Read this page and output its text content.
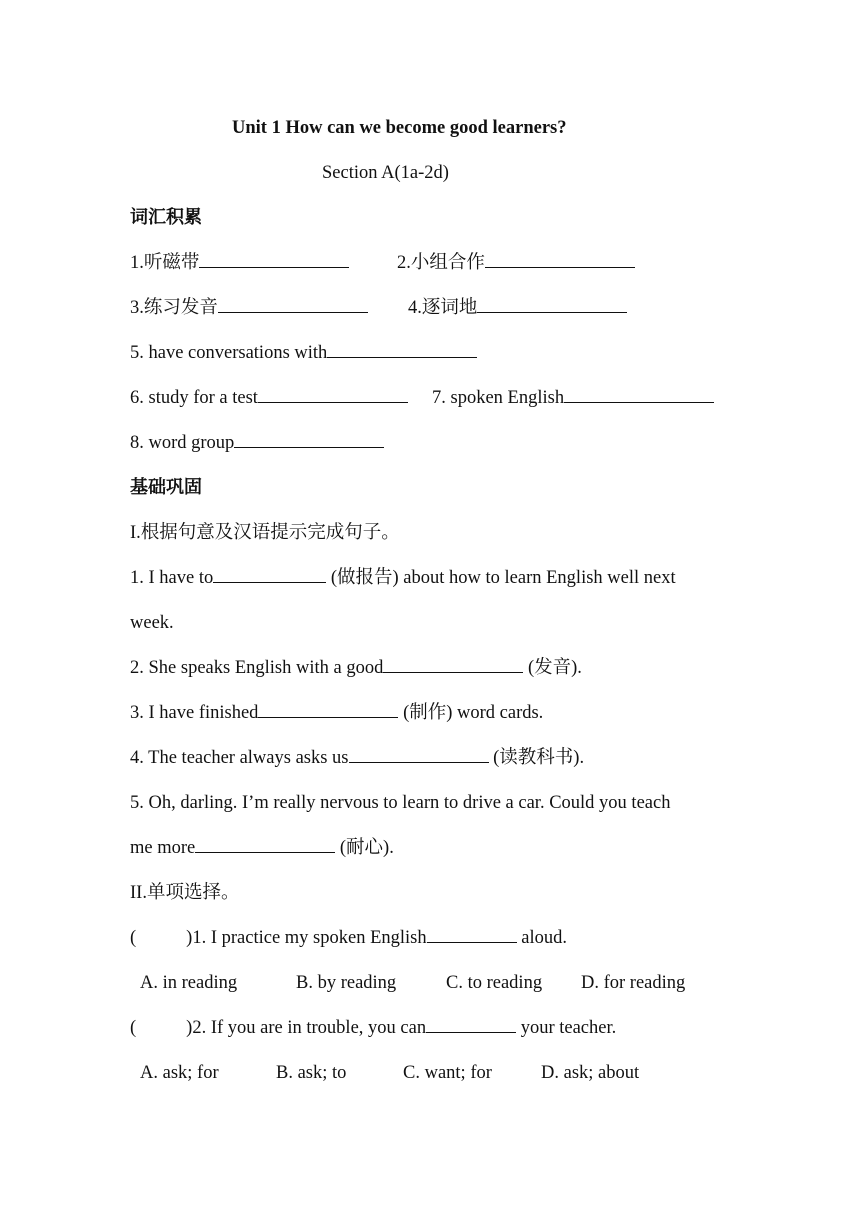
Unit 1 How can we become good learners?
Section A(1a-2d)
词汇积累
1.听磁带	2.小组合作
3.练习发音	4.逐词地
5. have conversations with
6. study for a test	7. spoken English
8. word group
基础巩固
I.根据句意及汉语提示完成句子。
1. I have to	(做报告) about how to learn English well next
week.
2. She speaks English with a good	(发音).
3. I have finished	(制作) word cards.
4. The teacher always asks us	(读教科书).
5. Oh, darling. I’m really nervous to learn to drive a car. Could you teach
me more	(耐心).
II.单项选择。
(	)1. I practice my spoken English	aloud.
A. in reading	B. by reading	C. to reading D. for reading
(	)2. If you are in trouble, you can	your teacher.
A. ask; for	B. ask; to	C. want; for	D. ask; about
